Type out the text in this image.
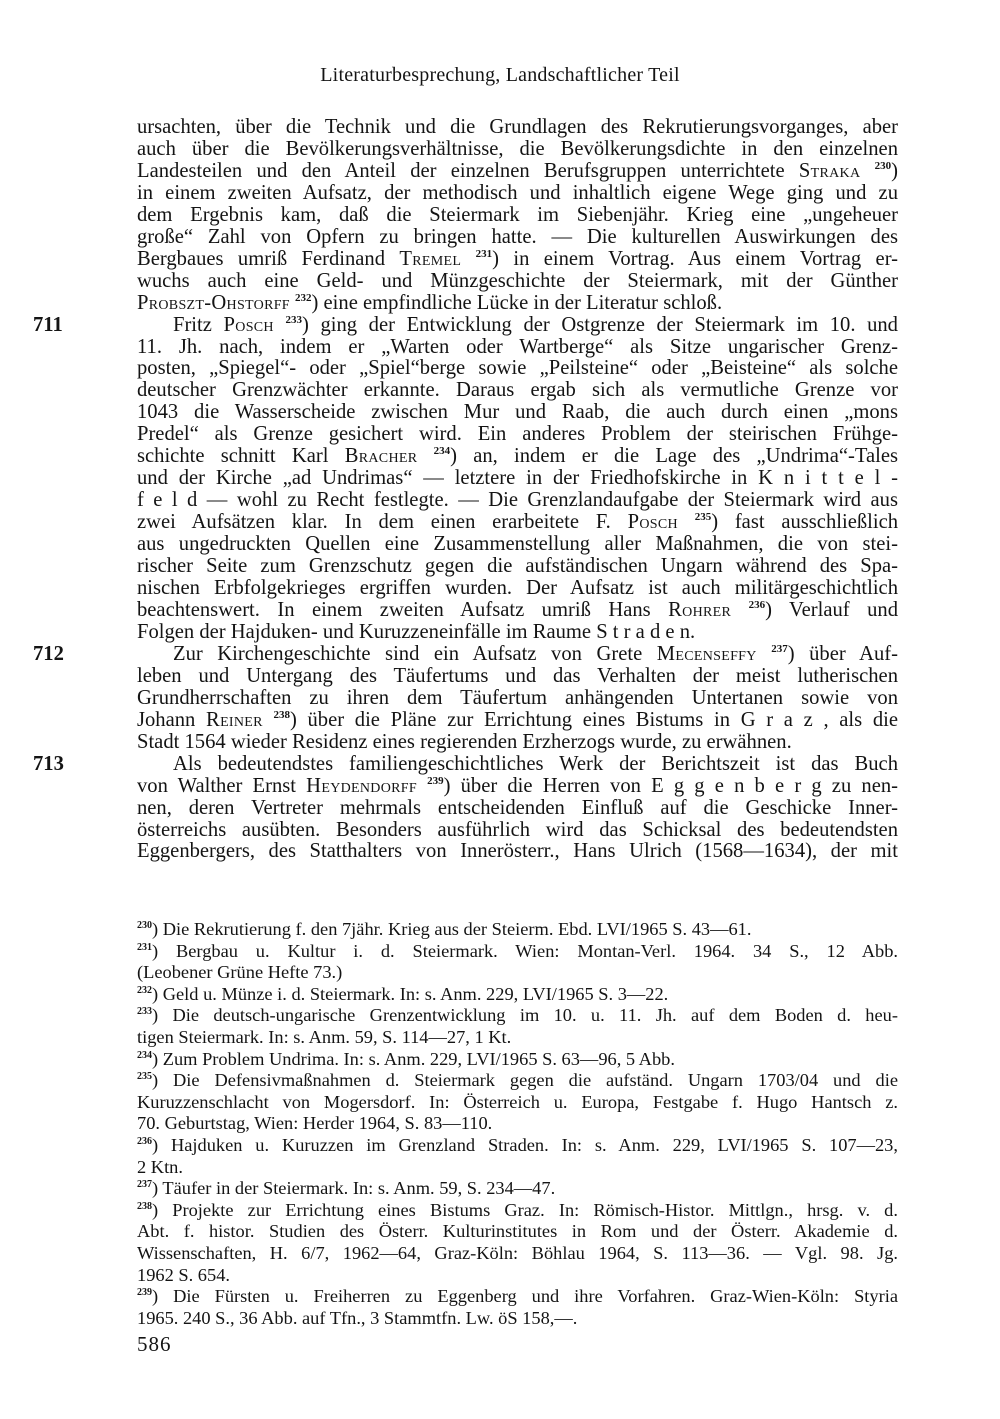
Literaturbesprechung, Landschaftlicher Teil

ursachten, über die Technik und die Grundlagen des Rekrutierungsvorganges, aber
auch über die Bevölkerungsverhältnisse, die Bevölkerungsdichte in den einzelnen
Landesteilen und den Anteil der einzelnen Berufsgruppen unterrichtete Straka $^{230}$)
in einem zweiten Aufsatz, der methodisch und inhaltlich eigene Wege ging und zu
dem Ergebnis kam, daß die Steiermark im Siebenjähr. Krieg eine „ungeheuer
große“ Zahl von Opfern zu bringen hatte. — Die kulturellen Auswirkungen des
Bergbaues umriß Ferdinand Tremel $^{231}$) in einem Vortrag. Aus einem Vortrag er-
wuchs auch eine Geld- und Münzgeschichte der Steiermark, mit der Günther
Probszt-Ohstorff $^{232}$) eine empfindliche Lücke in der Literatur schloß.

711	Fritz Posch $^{233}$) ging der Entwicklung der Ostgrenze der Steiermark im 10. und
11. Jh. nach, indem er „Warten oder Wartberge“ als Sitze ungarischer Grenz-
posten, „Spiegel“- oder „Spiel“berge sowie „Peilsteine“ oder „Beisteine“ als solche
deutscher Grenzwächter erkannte. Daraus ergab sich als vermutliche Grenze vor
1043 die Wasserscheide zwischen Mur und Raab, die auch durch einen „mons
Predel“ als Grenze gesichert wird. Ein anderes Problem der steirischen Frühge-
schichte schnitt Karl Bracher $^{234}$) an, indem er die Lage des „Undrima“-Tales
und der Kirche „ad Undrimas“ — letztere in der Friedhofskirche in K n i t t e l -
f e l d — wohl zu Recht festlegte. — Die Grenzlandaufgabe der Steiermark wird aus
zwei Aufsätzen klar. In dem einen erarbeitete F. Posch $^{235}$) fast ausschließlich
aus ungedruckten Quellen eine Zusammenstellung aller Maßnahmen, die von stei-
rischer Seite zum Grenzschutz gegen die aufständischen Ungarn während des Spa-
nischen Erbfolgekrieges ergriffen wurden. Der Aufsatz ist auch militärgeschichtlich
beachtenswert. In einem zweiten Aufsatz umriß Hans Rohrer $^{236}$) Verlauf und
Folgen der Hajduken- und Kuruzzeneinfälle im Raume S t r a d e n.

712	Zur Kirchengeschichte sind ein Aufsatz von Grete Mecenseffy $^{237}$) über Auf-
leben und Untergang des Täufertums und das Verhalten der meist lutherischen
Grundherrschaften zu ihren dem Täufertum anhängenden Untertanen sowie von
Johann Reiner $^{238}$) über die Pläne zur Errichtung eines Bistums in G r a z , als die
Stadt 1564 wieder Residenz eines regierenden Erzherzogs wurde, zu erwähnen.

713	Als bedeutendstes familiengeschichtliches Werk der Berichtszeit ist das Buch
von Walther Ernst Heydendorff $^{239}$) über die Herren von E g g e n b e r g zu nen-
nen, deren Vertreter mehrmals entscheidenden Einfluß auf die Geschicke Inner-
österreichs ausübten. Besonders ausführlich wird das Schicksal des bedeutendsten
Eggenbergers, des Statthalters von Innerösterr., Hans Ulrich (1568—1634), der mit

$^{230}$) Die Rekrutierung f. den 7jähr. Krieg aus der Steierm. Ebd. LVI/1965 S. 43—61.
$^{231}$) Bergbau u. Kultur i. d. Steiermark. Wien: Montan-Verl. 1964. 34 S., 12 Abb.
(Leobener Grüne Hefte 73.)
$^{232}$) Geld u. Münze i. d. Steiermark. In: s. Anm. 229, LVI/1965 S. 3—22.
$^{233}$) Die deutsch-ungarische Grenzentwicklung im 10. u. 11. Jh. auf dem Boden d. heu-
tigen Steiermark. In: s. Anm. 59, S. 114—27, 1 Kt.
$^{234}$) Zum Problem Undrima. In: s. Anm. 229, LVI/1965 S. 63—96, 5 Abb.
$^{235}$) Die Defensivmaßnahmen d. Steiermark gegen die aufständ. Ungarn 1703/04 und die
Kuruzzenschlacht von Mogersdorf. In: Österreich u. Europa, Festgabe f. Hugo Hantsch z.
70. Geburtstag, Wien: Herder 1964, S. 83—110.
$^{236}$) Hajduken u. Kuruzzen im Grenzland Straden. In: s. Anm. 229, LVI/1965 S. 107—23,
2 Ktn.
$^{237}$) Täufer in der Steiermark. In: s. Anm. 59, S. 234—47.
$^{238}$) Projekte zur Errichtung eines Bistums Graz. In: Römisch-Histor. Mittlgn., hrsg. v. d.
Abt. f. histor. Studien des Österr. Kulturinstitutes in Rom und der Österr. Akademie d.
Wissenschaften, H. 6/7, 1962—64, Graz-Köln: Böhlau 1964, S. 113—36. — Vgl. 98. Jg.
1962 S. 654.
$^{239}$) Die Fürsten u. Freiherren zu Eggenberg und ihre Vorfahren. Graz-Wien-Köln: Styria
1965. 240 S., 36 Abb. auf Tfn., 3 Stammtfn. Lw. öS 158,—.
586
